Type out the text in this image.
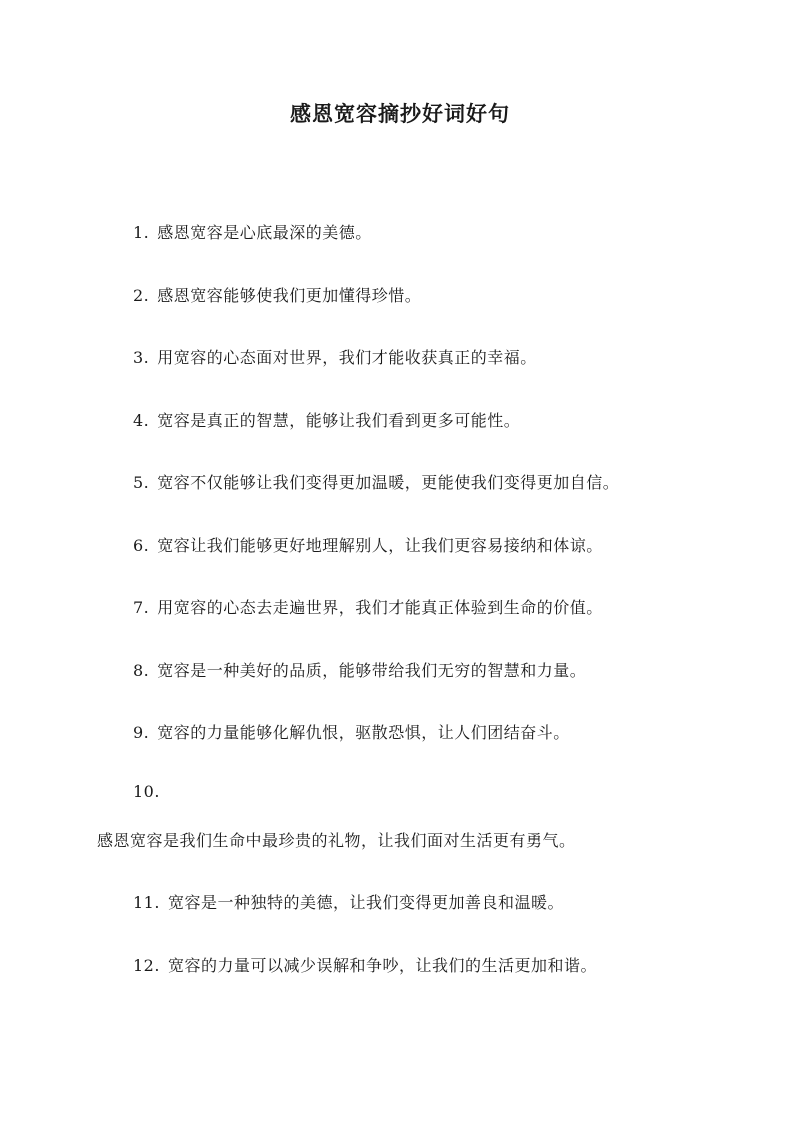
感恩宽容摘抄好词好句
1. 感恩宽容是心底最深的美德。
2. 感恩宽容能够使我们更加懂得珍惜。
3. 用宽容的心态面对世界，我们才能收获真正的幸福。
4. 宽容是真正的智慧，能够让我们看到更多可能性。
5. 宽容不仅能够让我们变得更加温暖，更能使我们变得更加自信。
6. 宽容让我们能够更好地理解别人，让我们更容易接纳和体谅。
7. 用宽容的心态去走遍世界，我们才能真正体验到生命的价值。
8. 宽容是一种美好的品质，能够带给我们无穷的智慧和力量。
9. 宽容的力量能够化解仇恨，驱散恐惧，让人们团结奋斗。
10.
感恩宽容是我们生命中最珍贵的礼物，让我们面对生活更有勇气。
11. 宽容是一种独特的美德，让我们变得更加善良和温暖。
12. 宽容的力量可以减少误解和争吵，让我们的生活更加和谐。
